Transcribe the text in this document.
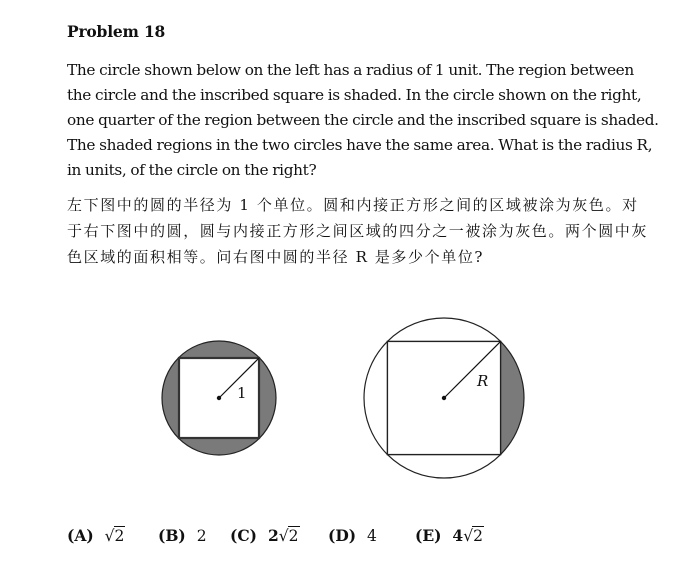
Problem 18

The circle shown below on the left has a radius of 1 unit. The region between

the circle and the inscribed square is shaded. In the circle shown on the right,

one quarter of the region between the circle and the inscribed square is shaded.

The shaded regions in the two circles have the same area. What is the radius R,

in units, of the circle on the right?

左下图中的圆的半径为 1 个单位。圆和内接正方形之间的区域被涂为灰色。对

于右下图中的圆，圆与内接正方形之间区域的四分之一被涂为灰色。两个圆中灰

色区域的面积相等。问右图中圆的半径 R 是多少个单位?

1
R
(A) √2 (B) 2 (C) 2√2 (D) 4 (E) 4√2
